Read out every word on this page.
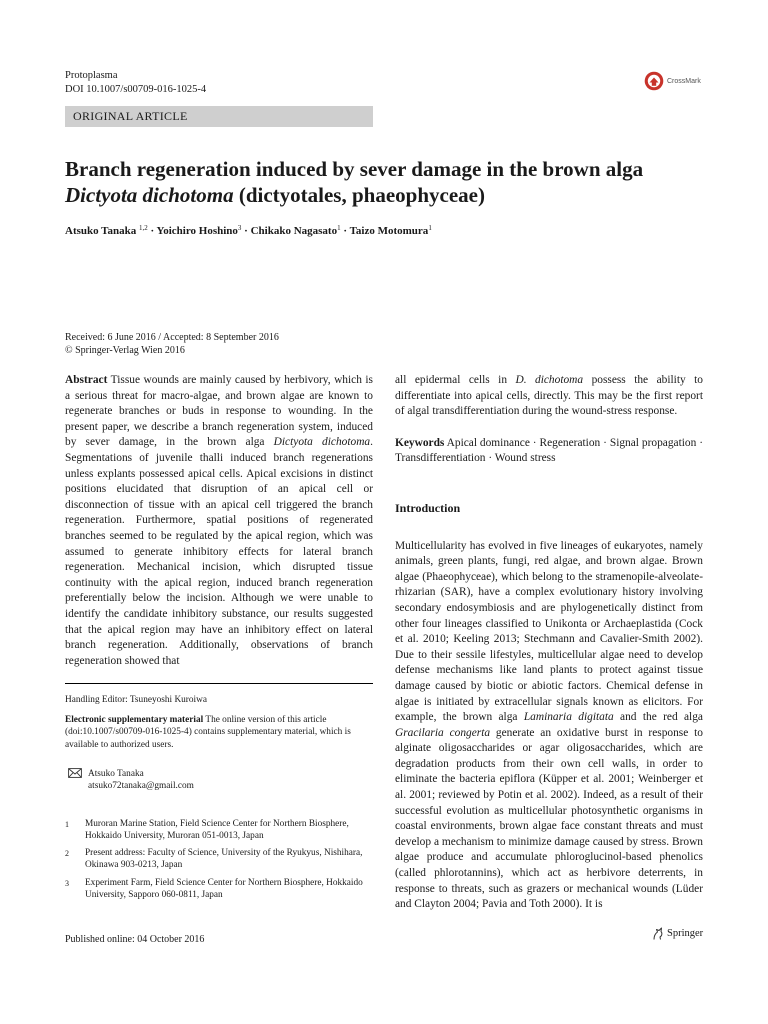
Protoplasma
DOI 10.1007/s00709-016-1025-4
CrossMark
ORIGINAL ARTICLE
Branch regeneration induced by sever damage in the brown alga
Dictyota dichotoma (dictyotales, phaeophyceae)
Atsuko Tanaka $^{1,2}$ · Yoichiro Hoshino$^3$ · Chikako Nagasato$^1$ · Taizo Motomura$^1$
Received: 6 June 2016 / Accepted: 8 September 2016
© Springer-Verlag Wien 2016

Abstract Tissue wounds are mainly caused by herbivory, which is a serious threat for macro-algae, and brown algae are known to regenerate branches or buds in response to wounding. In the present paper, we describe a branch regeneration system, induced by sever damage, in the brown alga Dictyota dichotoma. Segmentations of juvenile thalli induced branch regenerations unless explants possessed apical cells. Apical excisions in distinct positions elucidated that disruption of an apical cell or disconnection of tissue with an apical cell triggered the branch regeneration. Furthermore, spatial positions of regenerated branches seemed to be regulated by the apical region, which was assumed to generate inhibitory effects for lateral branch regeneration. Mechanical incision, which disrupted tissue continuity with the apical region, induced branch regeneration preferentially below the incision. Although we were unable to identify the candidate inhibitory substance, our results suggested that the apical region may have an inhibitory effect on lateral branch regeneration. Additionally, observations of branch regeneration showed that

all epidermal cells in D. dichotoma possess the ability to differentiate into apical cells, directly. This may be the first report of algal transdifferentiation during the wound-stress response.

Keywords Apical dominance · Regeneration · Signal propagation · Transdifferentiation · Wound stress

Introduction

Multicellularity has evolved in five lineages of eukaryotes, namely animals, green plants, fungi, red algae, and brown algae. Brown algae (Phaeophyceae), which belong to the stramenopile-alveolate-rhizarian (SAR), have a complex evolutionary history involving secondary endosymbiosis and are phylogenetically distinct from other four lineages classified to Unikonta or Archaeplastida (Cock et al. 2010; Keeling 2013; Stechmann and Cavalier-Smith 2002). Due to their sessile lifestyles, multicellular algae need to develop defense mechanisms like land plants to protect against tissue damage caused by biotic or abiotic factors. Chemical defense in algae is initiated by extracellular signals known as elicitors. For example, the brown alga Laminaria digitata and the red alga Gracilaria congerta generate an oxidative burst in response to alginate oligosaccharides or agar oligosaccharides, which are degradation products from their own cell walls, in order to eliminate the bacteria epiflora (Küpper et al. 2001; Weinberger et al. 2001; reviewed by Potin et al. 2002). Indeed, as a result of their successful evolution as multicellular photosynthetic organisms in coastal environments, brown algae face constant threats and must develop a mechanism to minimize damage caused by stress. Brown algae produce and accumulate phloroglucinol-based phenolics (called phlorotannins), which act as herbivore deterrents, in response to threats, such as grazers or mechanical wounds (Lüder and Clayton 2004; Pavia and Toth 2000). It is

Handling Editor: Tsuneyoshi Kuroiwa
Electronic supplementary material The online version of this article (doi:10.1007/s00709-016-1025-4) contains supplementary material, which is available to authorized users.
Atsuko Tanaka
atsuko72tanaka@gmail.com
1	Muroran Marine Station, Field Science Center for Northern Biosphere, Hokkaido University, Muroran 051-0013, Japan
2	Present address: Faculty of Science, University of the Ryukyus, Nishihara, Okinawa 903-0213, Japan
3	Experiment Farm, Field Science Center for Northern Biosphere, Hokkaido University, Sapporo 060-0811, Japan
Published online: 04 October 2016
Springer
